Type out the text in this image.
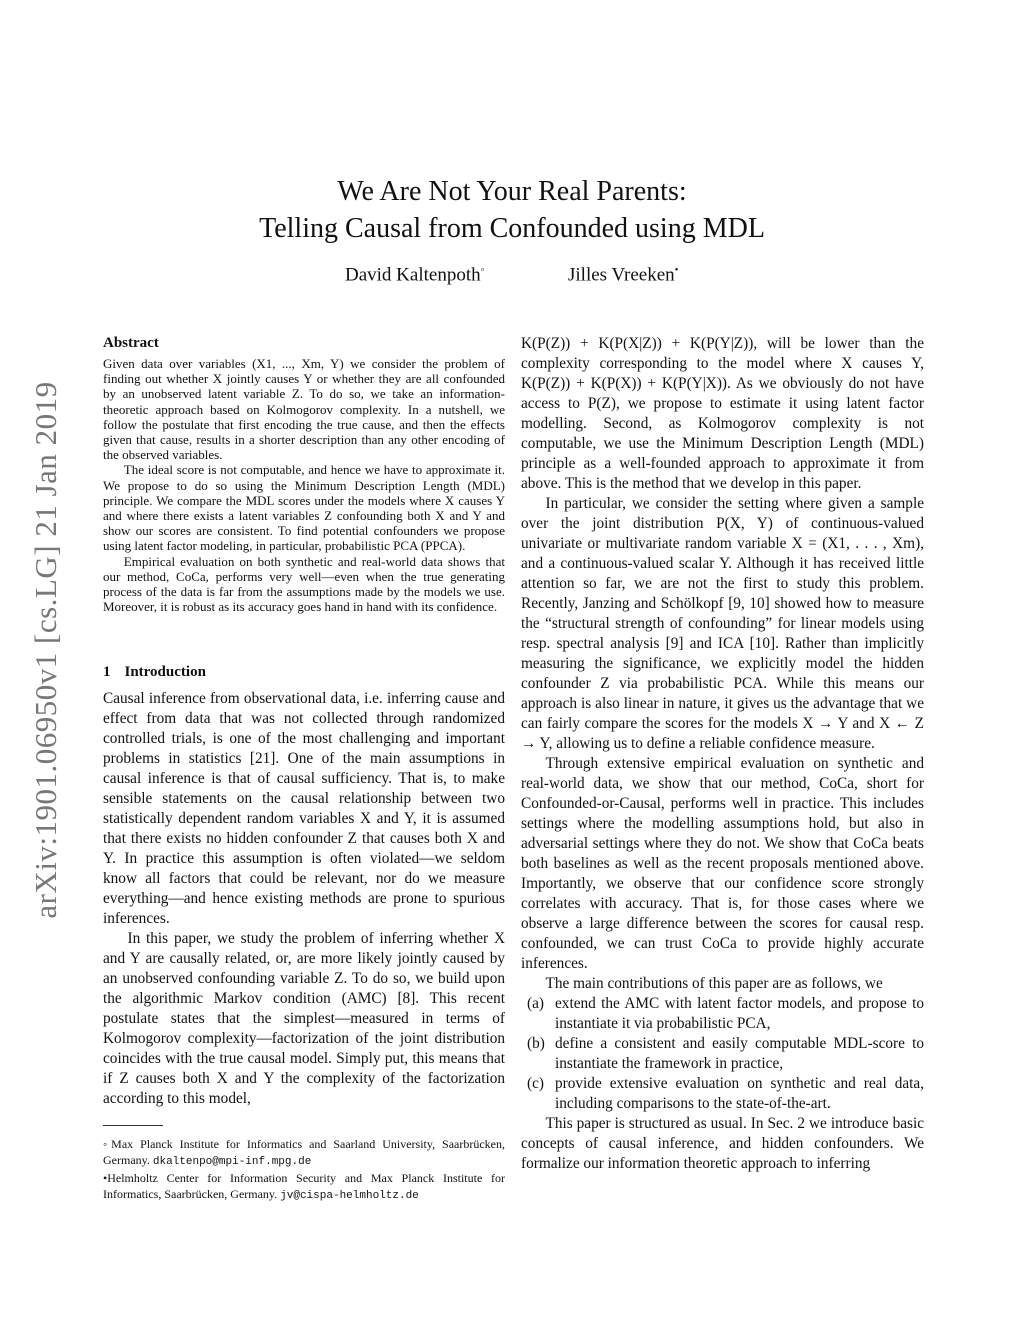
arXiv:1901.06950v1 [cs.LG] 21 Jan 2019
We Are Not Your Real Parents:
Telling Causal from Confounded using MDL
David Kaltenpoth◦	Jilles Vreeken•
Abstract

Given data over variables (X1, ..., Xm, Y) we consider the problem of finding out whether X jointly causes Y or whether they are all confounded by an unobserved latent variable Z. To do so, we take an information-theoretic approach based on Kolmogorov complexity. In a nutshell, we follow the postulate that first encoding the true cause, and then the effects given that cause, results in a shorter description than any other encoding of the observed variables.

The ideal score is not computable, and hence we have to approximate it. We propose to do so using the Minimum Description Length (MDL) principle. We compare the MDL scores under the models where X causes Y and where there exists a latent variables Z confounding both X and Y and show our scores are consistent. To find potential confounders we propose using latent factor modeling, in particular, probabilistic PCA (PPCA).

Empirical evaluation on both synthetic and real-world data shows that our method, CoCa, performs very well—even when the true generating process of the data is far from the assumptions made by the models we use. Moreover, it is robust as its accuracy goes hand in hand with its confidence.

1 Introduction

Causal inference from observational data, i.e. inferring cause and effect from data that was not collected through randomized controlled trials, is one of the most challenging and important problems in statistics [21]. One of the main assumptions in causal inference is that of causal sufficiency. That is, to make sensible statements on the causal relationship between two statistically dependent random variables X and Y, it is assumed that there exists no hidden confounder Z that causes both X and Y. In practice this assumption is often violated—we seldom know all factors that could be relevant, nor do we measure everything—and hence existing methods are prone to spurious inferences.

In this paper, we study the problem of inferring whether X and Y are causally related, or, are more likely jointly caused by an unobserved confounding variable Z. To do so, we build upon the algorithmic Markov condition (AMC) [8]. This recent postulate states that the simplest—measured in terms of Kolmogorov complexity—factorization of the joint distribution coincides with the true causal model. Simply put, this means that if Z causes both X and Y the complexity of the factorization according to this model,

◦Max Planck Institute for Informatics and Saarland University, Saarbrücken, Germany. dkaltenpo@mpi-inf.mpg.de

•Helmholtz Center for Information Security and Max Planck Institute for Informatics, Saarbrücken, Germany. jv@cispa-helmholtz.de

K(P(Z)) + K(P(X|Z)) + K(P(Y|Z)), will be lower than the complexity corresponding to the model where X causes Y, K(P(Z)) + K(P(X)) + K(P(Y|X)). As we obviously do not have access to P(Z), we propose to estimate it using latent factor modelling. Second, as Kolmogorov complexity is not computable, we use the Minimum Description Length (MDL) principle as a well-founded approach to approximate it from above. This is the method that we develop in this paper.

In particular, we consider the setting where given a sample over the joint distribution P(X, Y) of continuous-valued univariate or multivariate random variable X = (X1, . . . , Xm), and a continuous-valued scalar Y. Although it has received little attention so far, we are not the first to study this problem. Recently, Janzing and Schölkopf [9, 10] showed how to measure the “structural strength of confounding” for linear models using resp. spectral analysis [9] and ICA [10]. Rather than implicitly measuring the significance, we explicitly model the hidden confounder Z via probabilistic PCA. While this means our approach is also linear in nature, it gives us the advantage that we can fairly compare the scores for the models X → Y and X ← Z → Y, allowing us to define a reliable confidence measure.

Through extensive empirical evaluation on synthetic and real-world data, we show that our method, CoCa, short for Confounded-or-Causal, performs well in practice. This includes settings where the modelling assumptions hold, but also in adversarial settings where they do not. We show that CoCa beats both baselines as well as the recent proposals mentioned above. Importantly, we observe that our confidence score strongly correlates with accuracy. That is, for those cases where we observe a large difference between the scores for causal resp. confounded, we can trust CoCa to provide highly accurate inferences.

The main contributions of this paper are as follows, we

(a) extend the AMC with latent factor models, and propose to instantiate it via probabilistic PCA,
(b) define a consistent and easily computable MDL-score to instantiate the framework in practice,
(c) provide extensive evaluation on synthetic and real data, including comparisons to the state-of-the-art.

This paper is structured as usual. In Sec. 2 we introduce basic concepts of causal inference, and hidden confounders. We formalize our information theoretic approach to inferring
